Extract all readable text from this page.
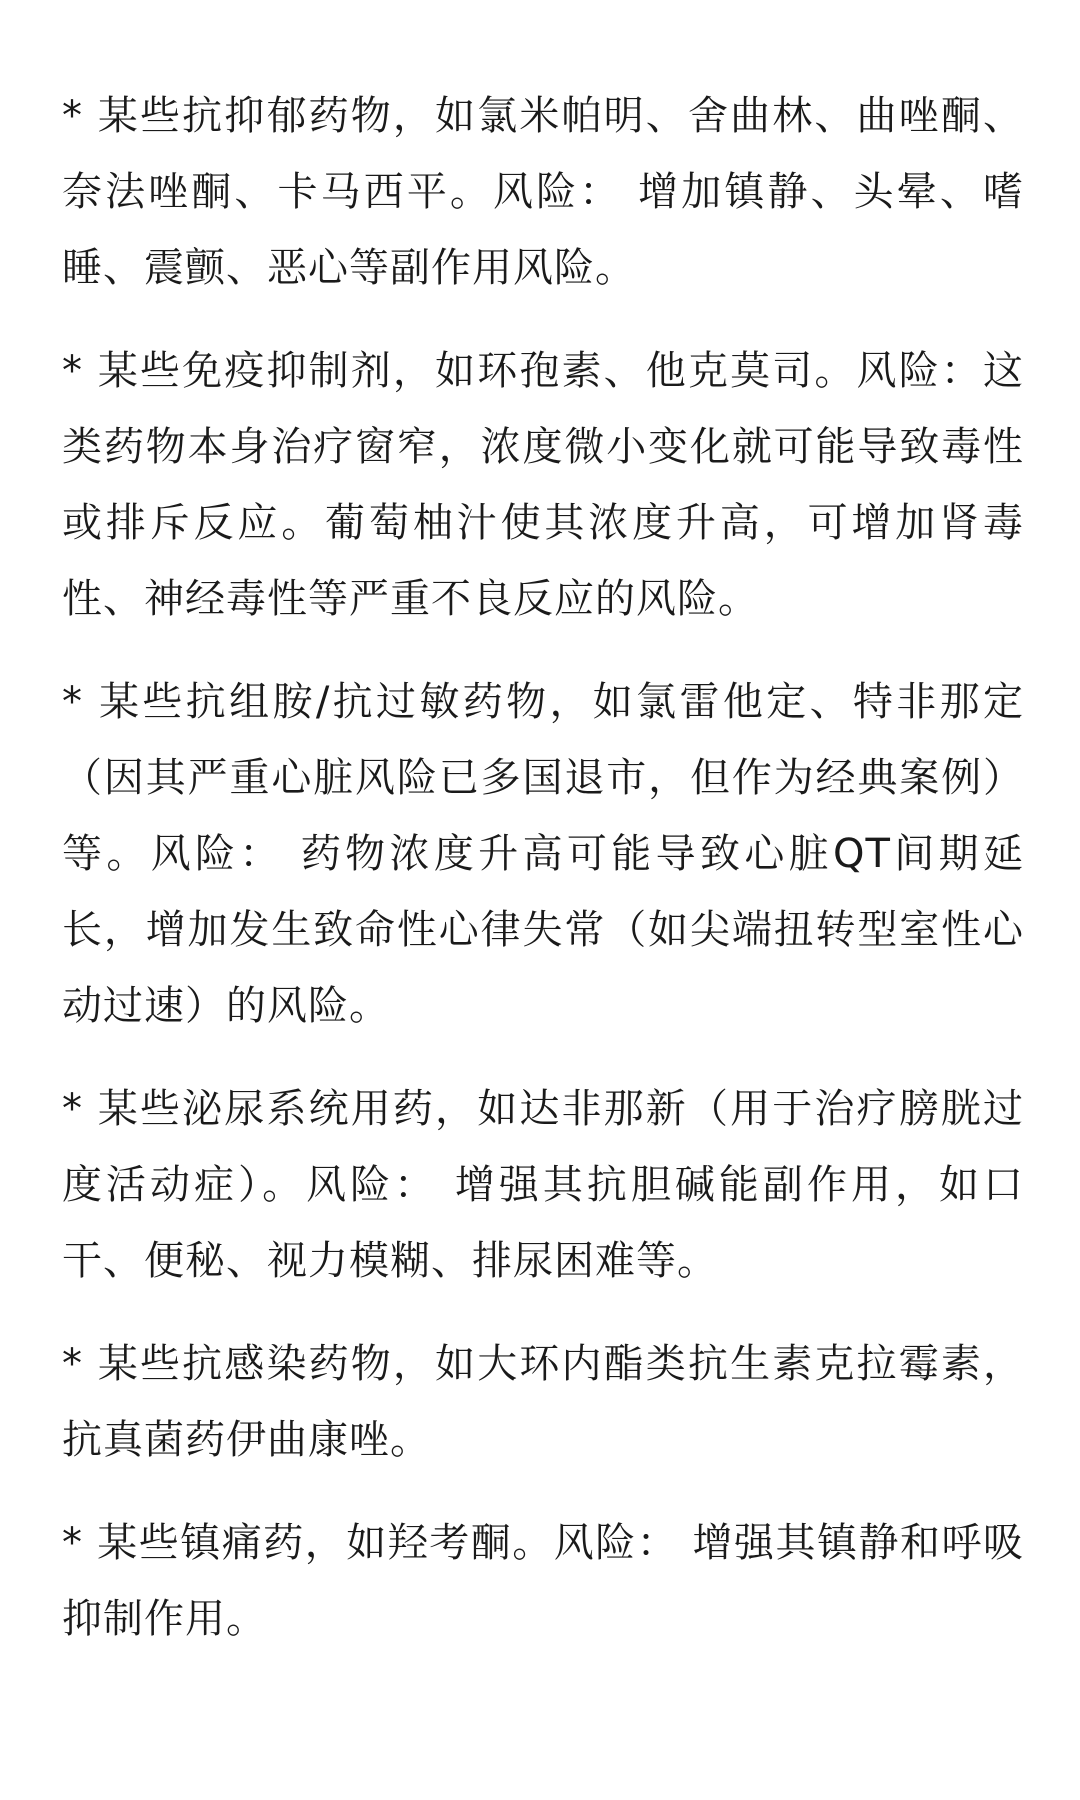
* 某些抗抑郁药物，如氯米帕明、舍曲林、曲唑酮、奈法唑酮、卡马西平。风险： 增加镇静、头晕、嗜睡、震颤、恶心等副作用风险。

* 某些免疫抑制剂，如环孢素、他克莫司。风险：这类药物本身治疗窗窄，浓度微小变化就可能导致毒性或排斥反应。葡萄柚汁使其浓度升高，可增加肾毒性、神经毒性等严重不良反应的风险。

* 某些抗组胺/抗过敏药物，如氯雷他定、特非那定（因其严重心脏风险已多国退市，但作为经典案例）等。风险： 药物浓度升高可能导致心脏QT间期延长，增加发生致命性心律失常（如尖端扭转型室性心动过速）的风险。

* 某些泌尿系统用药，如达非那新（用于治疗膀胱过度活动症）。风险： 增强其抗胆碱能副作用，如口干、便秘、视力模糊、排尿困难等。

* 某些抗感染药物，如大环内酯类抗生素克拉霉素，抗真菌药伊曲康唑。

* 某些镇痛药，如羟考酮。风险： 增强其镇静和呼吸抑制作用。
